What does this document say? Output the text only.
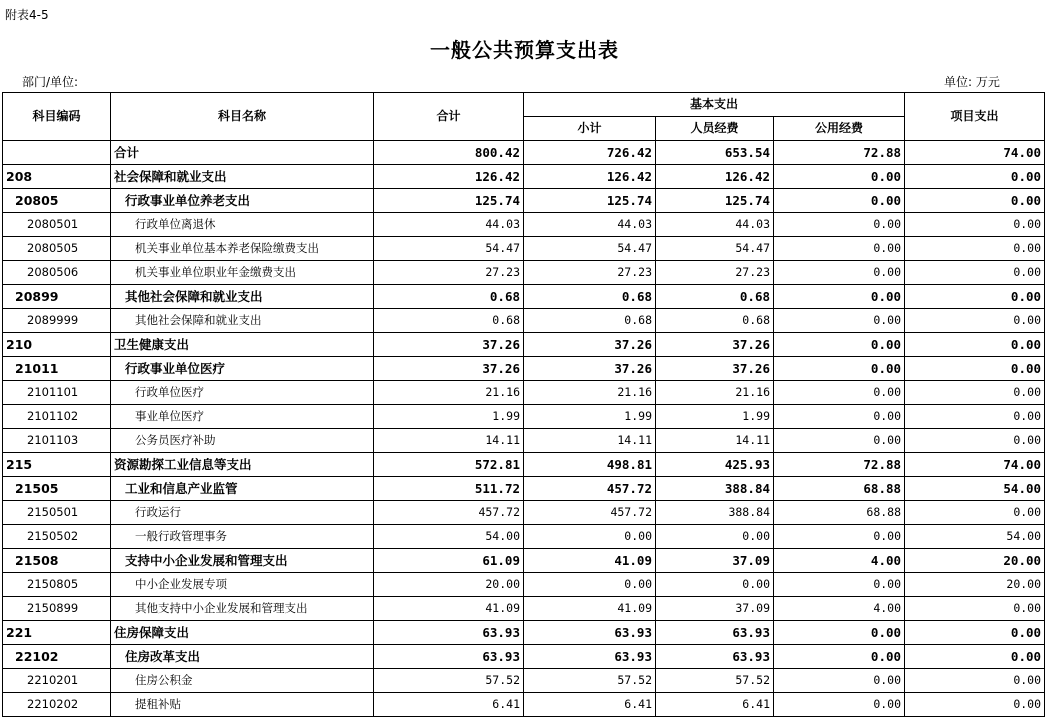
附表4-5
一般公共预算支出表
部门/单位:	单位: 万元
科目编码	科目名称	合计	基本支出			项目支出
			小计	人员经费	公用经费	
	合计	800.42	726.42	653.54	72.88	74.00
208	社会保障和就业支出	126.42	126.42	126.42	0.00	0.00
20805	行政事业单位养老支出	125.74	125.74	125.74	0.00	0.00
2080501	行政单位离退休	44.03	44.03	44.03	0.00	0.00
2080505	机关事业单位基本养老保险缴费支出	54.47	54.47	54.47	0.00	0.00
2080506	机关事业单位职业年金缴费支出	27.23	27.23	27.23	0.00	0.00
20899	其他社会保障和就业支出	0.68	0.68	0.68	0.00	0.00
2089999	其他社会保障和就业支出	0.68	0.68	0.68	0.00	0.00
210	卫生健康支出	37.26	37.26	37.26	0.00	0.00
21011	行政事业单位医疗	37.26	37.26	37.26	0.00	0.00
2101101	行政单位医疗	21.16	21.16	21.16	0.00	0.00
2101102	事业单位医疗	1.99	1.99	1.99	0.00	0.00
2101103	公务员医疗补助	14.11	14.11	14.11	0.00	0.00
215	资源勘探工业信息等支出	572.81	498.81	425.93	72.88	74.00
21505	工业和信息产业监管	511.72	457.72	388.84	68.88	54.00
2150501	行政运行	457.72	457.72	388.84	68.88	0.00
2150502	一般行政管理事务	54.00	0.00	0.00	0.00	54.00
21508	支持中小企业发展和管理支出	61.09	41.09	37.09	4.00	20.00
2150805	中小企业发展专项	20.00	0.00	0.00	0.00	20.00
2150899	其他支持中小企业发展和管理支出	41.09	41.09	37.09	4.00	0.00
221	住房保障支出	63.93	63.93	63.93	0.00	0.00
22102	住房改革支出	63.93	63.93	63.93	0.00	0.00
2210201	住房公积金	57.52	57.52	57.52	0.00	0.00
2210202	提租补贴	6.41	6.41	6.41	0.00	0.00
